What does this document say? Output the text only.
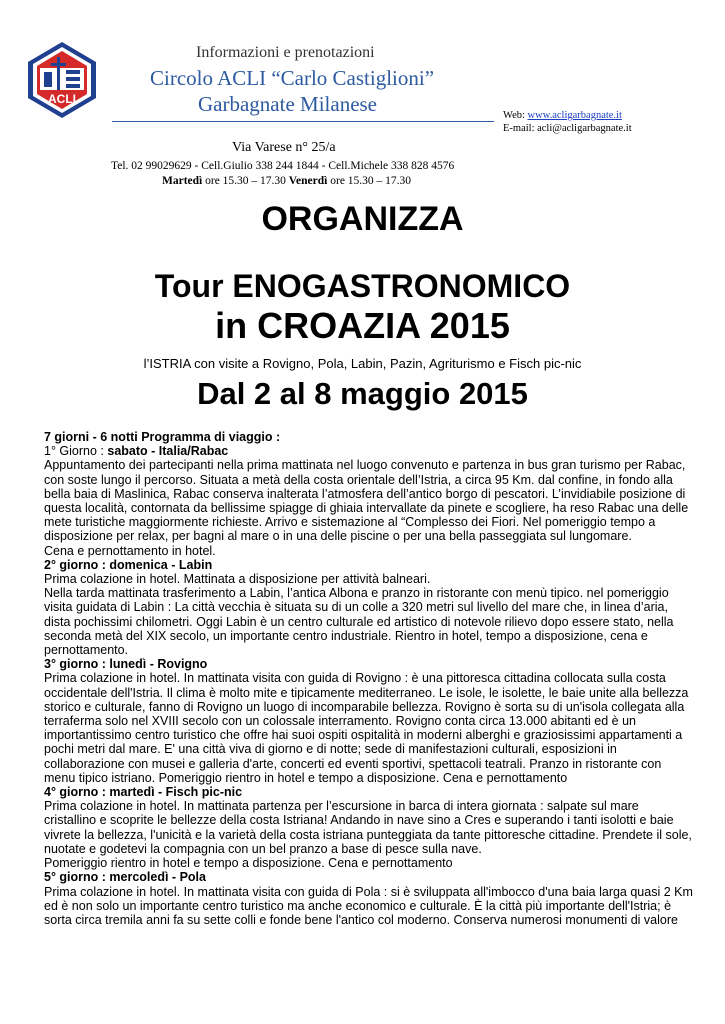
ACLI
Informazioni e prenotazioni
Circolo ACLI “Carlo Castiglioni”
Garbagnate Milanese	Web: www.acligarbagnate.it
E-mail: acli@acligarbagnate.it
Via Varese n° 25/a
Tel. 02 99029629 - Cell.Giulio 338 244 1844 - Cell.Michele 338 828 4576
Martedì ore 15.30 – 17.30 Venerdì ore 15.30 – 17.30
ORGANIZZA
Tour ENOGASTRONOMICO
in CROAZIA 2015
l’ISTRIA con visite a Rovigno, Pola, Labin, Pazin, Agriturismo e Fisch pic-nic
Dal 2 al 8 maggio 2015

7 giorni - 6 notti Programma di viaggio :

1° Giorno : sabato - Italia/Rabac

Appuntamento dei partecipanti nella prima mattinata nel luogo convenuto e partenza in bus gran turismo per Rabac, con soste lungo il percorso. Situata a metà della costa orientale dell’Istria, a circa 95 Km. dal confine, in fondo alla bella baia di Maslinica, Rabac conserva inalterata l’atmosfera dell’antico borgo di pescatori. L’invidiabile posizione di questa località, contornata da bellissime spiagge di ghiaia intervallate da pinete e scogliere, ha reso Rabac una delle mete turistiche maggiormente richieste. Arrivo e sistemazione al “Complesso dei Fiori. Nel pomeriggio tempo a disposizione per relax, per bagni al mare o in una delle piscine o per una bella passeggiata sul lungomare.

Cena e pernottamento in hotel.

2° giorno : domenica - Labin

Prima colazione in hotel. Mattinata a disposizione per attività balneari.

Nella tarda mattinata trasferimento a Labin, l’antica Albona e pranzo in ristorante con menù tipico. nel pomeriggio visita guidata di Labin : La città vecchia è situata su di un colle a 320 metri sul livello del mare che, in linea d’aria, dista pochissimi chilometri. Oggi Labin è un centro culturale ed artistico di notevole rilievo dopo essere stato, nella seconda metà del XIX secolo, un importante centro industriale. Rientro in hotel, tempo a disposizione, cena e pernottamento.

3° giorno : lunedì - Rovigno

Prima colazione in hotel. In mattinata visita con guida di Rovigno : è una pittoresca cittadina collocata sulla costa occidentale dell'Istria. Il clima è molto mite e tipicamente mediterraneo. Le isole, le isolette, le baie unite alla bellezza storico e culturale, fanno di Rovigno un luogo di incomparabile bellezza. Rovigno è sorta su di un'isola collegata alla terraferma solo nel XVIII secolo con un colossale interramento. Rovigno conta circa 13.000 abitanti ed è un importantissimo centro turistico che offre hai suoi ospiti ospitalità in moderni alberghi e graziosissimi appartamenti a pochi metri dal mare. E' una città viva di giorno e di notte; sede di manifestazioni culturali, esposizioni in collaborazione con musei e galleria d'arte, concerti ed eventi sportivi, spettacoli teatrali. Pranzo in ristorante con menu tipico istriano. Pomeriggio rientro in hotel e tempo a disposizione. Cena e pernottamento

4° giorno : martedì - Fisch pic-nic

Prima colazione in hotel. In mattinata partenza per l’escursione in barca di intera giornata : salpate sul mare cristallino e scoprite le bellezze della costa Istriana! Andando in nave sino a Cres e superando i tanti isolotti e baie vivrete la bellezza, l'unicità e la varietà della costa istriana punteggiata da tante pittoresche cittadine. Prendete il sole, nuotate e godetevi la compagnia con un bel pranzo a base di pesce sulla nave.

Pomeriggio rientro in hotel e tempo a disposizione. Cena e pernottamento

5° giorno : mercoledì - Pola

Prima colazione in hotel. In mattinata visita con guida di Pola : si è sviluppata all'imbocco d'una baia larga quasi 2 Km ed è non solo un importante centro turistico ma anche economico e culturale. È la città più importante dell'Istria; è sorta circa tremila anni fa su sette colli e fonde bene l'antico col moderno. Conserva numerosi monumenti di valore
